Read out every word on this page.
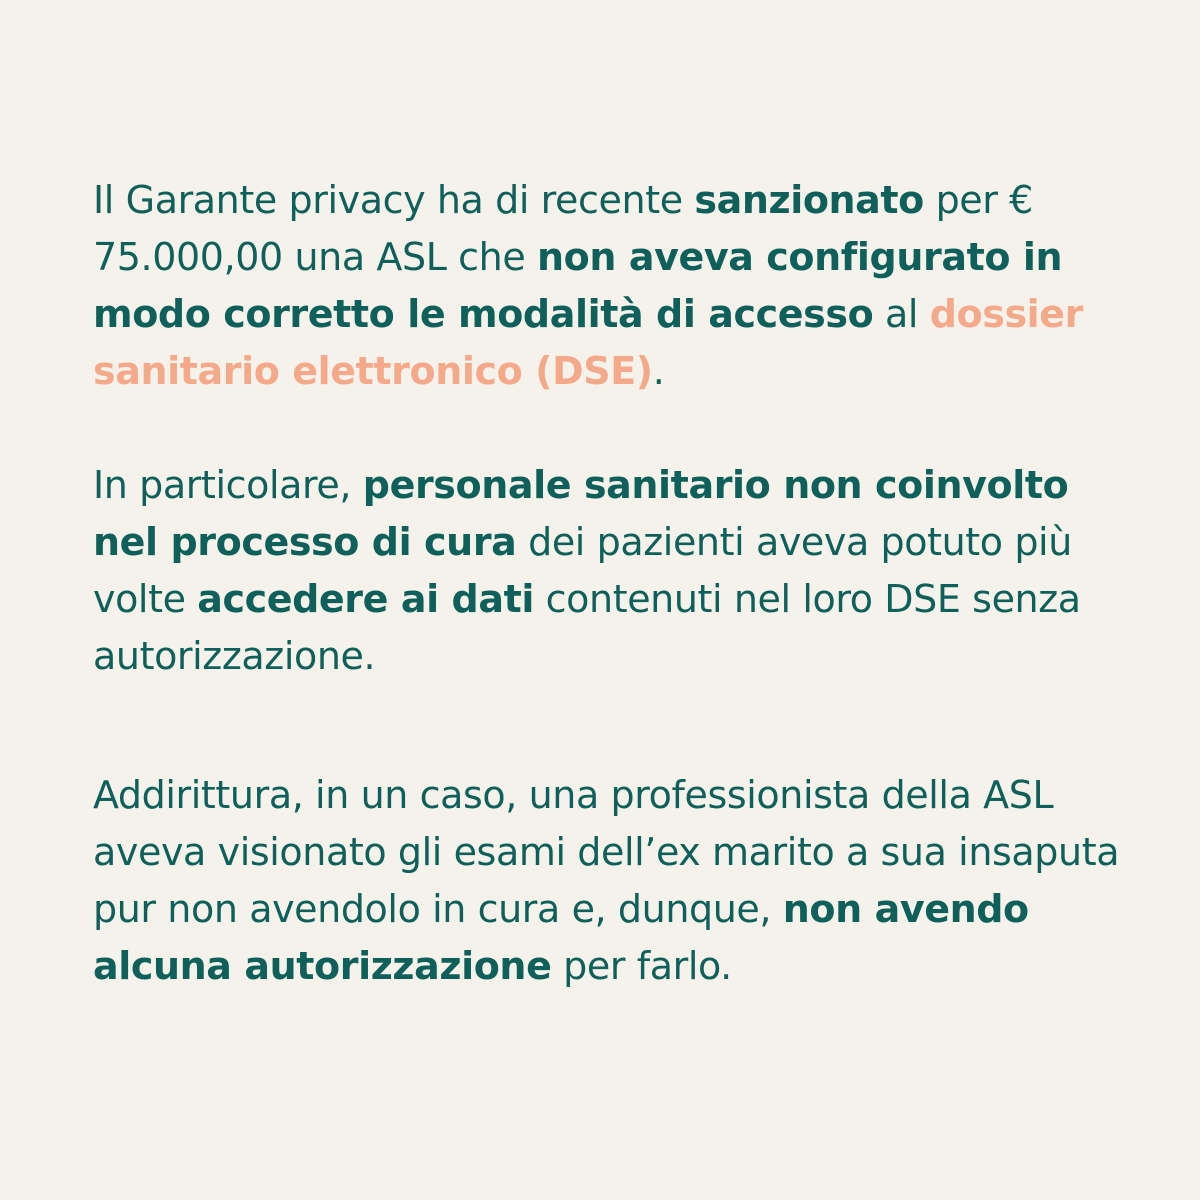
Il Garante privacy ha di recente sanzionato per € 75.000,00 una ASL che non aveva configurato in modo corretto le modalità di accesso al dossier sanitario elettronico (DSE).

In particolare, personale sanitario non coinvolto nel processo di cura dei pazienti aveva potuto più volte accedere ai dati contenuti nel loro DSE senza autorizzazione.

Addirittura, in un caso, una professionista della ASL aveva visionato gli esami dell’ex marito a sua insaputa pur non avendolo in cura e, dunque, non avendo alcuna autorizzazione per farlo.
